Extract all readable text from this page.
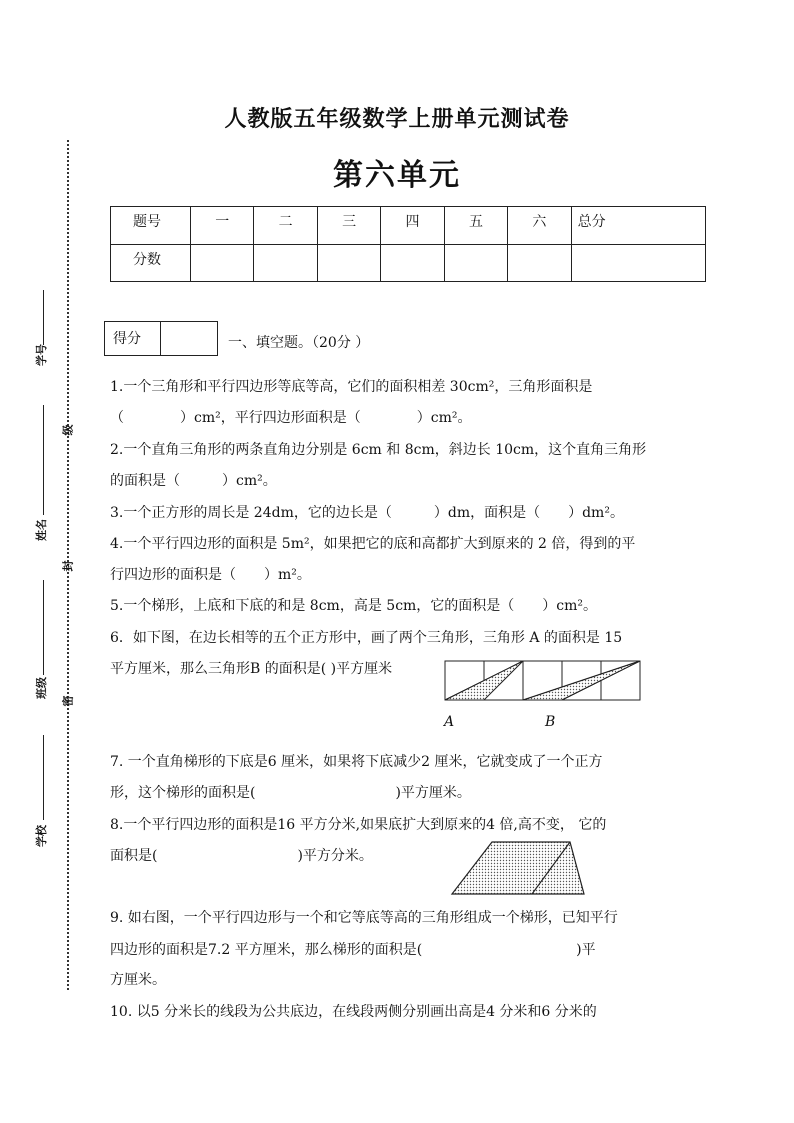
人教版五年级数学上册单元测试卷
第六单元
学号
姓名
班级
学校
级
封
密
题号	一	二	三	四	五	六	总分
分数							
得分	一、填空题。（20分 ）
1.一个三角形和平行四边形等底等高，它们的面积相差 30cm²，三角形面积是
（　　　　）cm²，平行四边形面积是（　　　　）cm²。
2.一个直角三角形的两条直角边分别是 6cm 和 8cm，斜边长 10cm，这个直角三角形
的面积是（　　　）cm²。
3.一个正方形的周长是 24dm，它的边长是（　　　）dm，面积是（　　）dm²。
4.一个平行四边形的面积是 5m²，如果把它的底和高都扩大到原来的 2 倍，得到的平
行四边形的面积是（　　）m²。
5.一个梯形，上底和下底的和是 8cm，高是 5cm，它的面积是（　　）cm²。
6．如下图，在边长相等的五个正方形中，画了两个三角形，三角形 A 的面积是 15
平方厘米，那么三角形B 的面积是( )平方厘米
7. 一个直角梯形的下底是6 厘米，如果将下底减少2 厘米，它就变成了一个正方
形，这个梯形的面积是(　　　　　　　　　　)平方厘米。
8.一个平行四边形的面积是16 平方分米,如果底扩大到原来的4 倍,高不变， 它的
面积是(　　　　　　　　　　)平方分米。
9. 如右图，一个平行四边形与一个和它等底等高的三角形组成一个梯形，已知平行
四边形的面积是7.2 平方厘米，那么梯形的面积是(　　　　　　　　　　　)平
方厘米。
10. 以5 分米长的线段为公共底边，在线段两侧分别画出高是4 分米和6 分米的
A	B
